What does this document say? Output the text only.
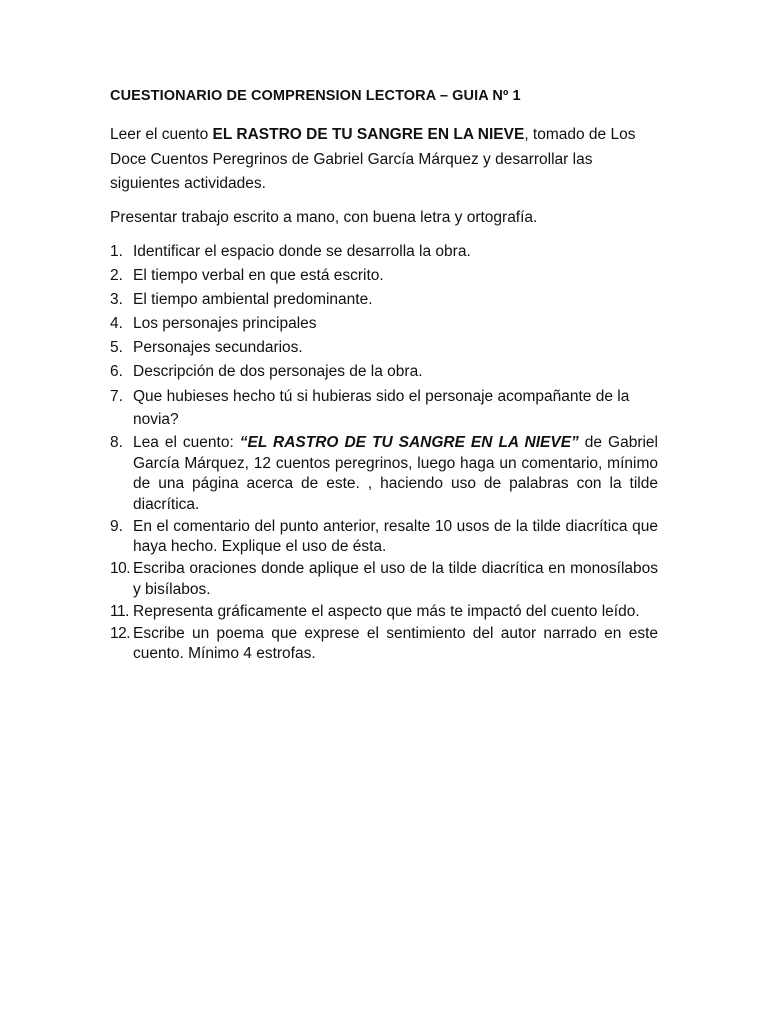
CUESTIONARIO DE COMPRENSION LECTORA – GUIA Nº 1

Leer el cuento EL RASTRO DE TU SANGRE EN LA NIEVE, tomado de Los Doce Cuentos Peregrinos de Gabriel García Márquez y desarrollar las siguientes actividades.

Presentar trabajo escrito a mano, con buena letra y ortografía.

1. Identificar el espacio donde se desarrolla la obra.
2. El tiempo verbal en que está escrito.
3. El tiempo ambiental predominante.
4. Los personajes principales
5. Personajes secundarios.
6. Descripción de dos personajes de la obra.
7. Que hubieses hecho tú si hubieras sido el personaje acompañante de la novia?
8. Lea el cuento: “EL RASTRO DE TU SANGRE EN LA NIEVE” de Gabriel García Márquez, 12 cuentos peregrinos, luego haga un comentario, mínimo de una página acerca de este. , haciendo uso de palabras con la tilde diacrítica.
9. En el comentario del punto anterior, resalte 10 usos de la tilde diacrítica que haya hecho. Explique el uso de ésta.
10. Escriba oraciones donde aplique el uso de la tilde diacrítica en monosílabos y bisílabos.
11. Representa gráficamente el aspecto que más te impactó del cuento leído.
12. Escribe un poema que exprese el sentimiento del autor narrado en este cuento. Mínimo 4 estrofas.
